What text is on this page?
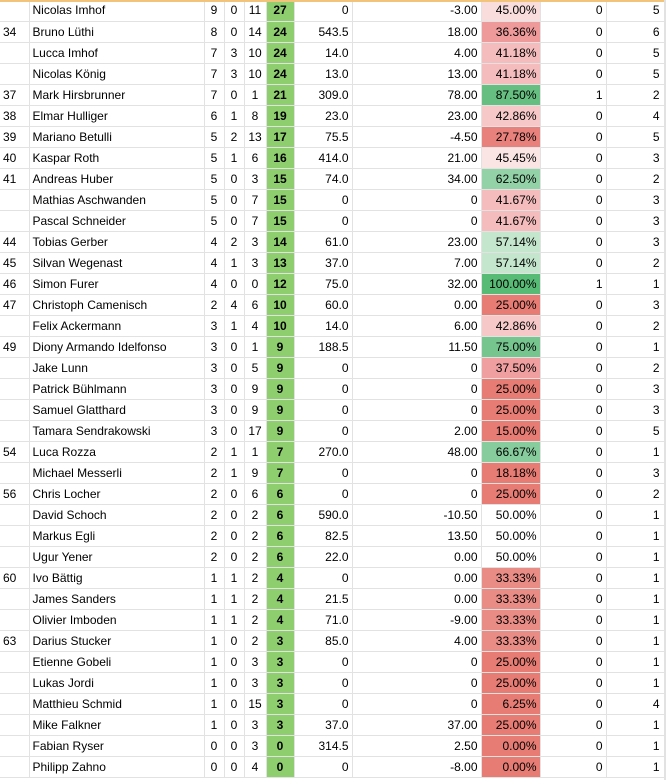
	Nicolas Imhof	9	0	11	27	0	-3.00	45.00%	0	5
34	Bruno Lüthi	8	0	14	24	543.5	18.00	36.36%	0	6
	Lucca Imhof	7	3	10	24	14.0	4.00	41.18%	0	5
	Nicolas König	7	3	10	24	13.0	13.00	41.18%	0	5
37	Mark Hirsbrunner	7	0	1	21	309.0	78.00	87.50%	1	2
38	Elmar Hulliger	6	1	8	19	23.0	23.00	42.86%	0	4
39	Mariano Betulli	5	2	13	17	75.5	-4.50	27.78%	0	5
40	Kaspar Roth	5	1	6	16	414.0	21.00	45.45%	0	3
41	Andreas Huber	5	0	3	15	74.0	34.00	62.50%	0	2
	Mathias Aschwanden	5	0	7	15	0	0	41.67%	0	3
	Pascal Schneider	5	0	7	15	0	0	41.67%	0	3
44	Tobias Gerber	4	2	3	14	61.0	23.00	57.14%	0	3
45	Silvan Wegenast	4	1	3	13	37.0	7.00	57.14%	0	2
46	Simon Furer	4	0	0	12	75.0	32.00	100.00%	1	1
47	Christoph Camenisch	2	4	6	10	60.0	0.00	25.00%	0	3
	Felix Ackermann	3	1	4	10	14.0	6.00	42.86%	0	2
49	Diony Armando Idelfonso	3	0	1	9	188.5	11.50	75.00%	0	1
	Jake Lunn	3	0	5	9	0	0	37.50%	0	2
	Patrick Bühlmann	3	0	9	9	0	0	25.00%	0	3
	Samuel Glatthard	3	0	9	9	0	0	25.00%	0	3
	Tamara Sendrakowski	3	0	17	9	0	2.00	15.00%	0	5
54	Luca Rozza	2	1	1	7	270.0	48.00	66.67%	0	1
	Michael Messerli	2	1	9	7	0	0	18.18%	0	3
56	Chris Locher	2	0	6	6	0	0	25.00%	0	2
	David Schoch	2	0	2	6	590.0	-10.50	50.00%	0	1
	Markus Egli	2	0	2	6	82.5	13.50	50.00%	0	1
	Ugur Yener	2	0	2	6	22.0	0.00	50.00%	0	1
60	Ivo Bättig	1	1	2	4	0	0.00	33.33%	0	1
	James Sanders	1	1	2	4	21.5	0.00	33.33%	0	1
	Olivier Imboden	1	1	2	4	71.0	-9.00	33.33%	0	1
63	Darius Stucker	1	0	2	3	85.0	4.00	33.33%	0	1
	Etienne Gobeli	1	0	3	3	0	0	25.00%	0	1
	Lukas Jordi	1	0	3	3	0	0	25.00%	0	1
	Matthieu Schmid	1	0	15	3	0	0	6.25%	0	4
	Mike Falkner	1	0	3	3	37.0	37.00	25.00%	0	1
	Fabian Ryser	0	0	3	0	314.5	2.50	0.00%	0	1
	Philipp Zahno	0	0	4	0	0	-8.00	0.00%	0	1
